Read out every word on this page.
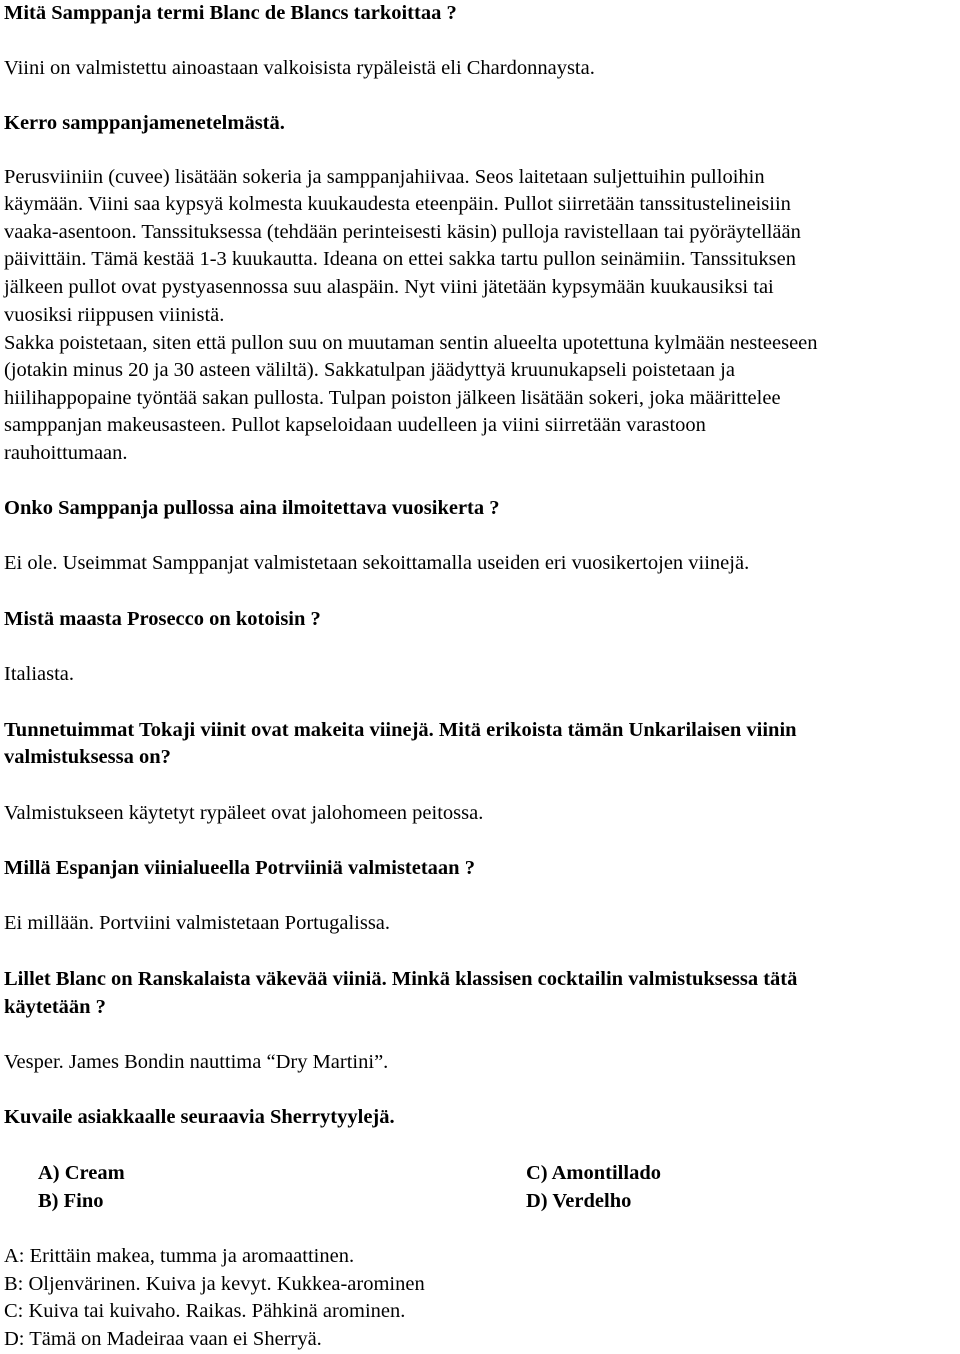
Mitä Samppanja termi Blanc de Blancs tarkoittaa ?
Viini on valmistettu ainoastaan valkoisista rypäleistä eli Chardonnaysta.
Kerro samppanjamenetelmästä.
Perusviiniin (cuvee) lisätään sokeria ja samppanjahiivaa. Seos laitetaan suljettuihin pulloihin
käymään. Viini saa kypsyä kolmesta kuukaudesta eteenpäin. Pullot siirretään tanssitustelineisiin
vaaka-asentoon. Tanssituksessa (tehdään perinteisesti käsin) pulloja ravistellaan tai pyöräytellään
päivittäin. Tämä kestää 1-3 kuukautta. Ideana on ettei sakka tartu pullon seinämiin. Tanssituksen
jälkeen pullot ovat pystyasennossa suu alaspäin. Nyt viini jätetään kypsymään kuukausiksi tai
vuosiksi riippusen viinistä.
Sakka poistetaan, siten että pullon suu on muutaman sentin alueelta upotettuna kylmään nesteeseen
(jotakin minus 20 ja 30 asteen väliltä). Sakkatulpan jäädyttyä kruunukapseli poistetaan ja
hiilihappopaine työntää sakan pullosta. Tulpan poiston jälkeen lisätään sokeri, joka määrittelee
samppanjan makeusasteen. Pullot kapseloidaan uudelleen ja viini siirretään varastoon
rauhoittumaan.
Onko Samppanja pullossa aina ilmoitettava vuosikerta ?
Ei ole. Useimmat Samppanjat valmistetaan sekoittamalla useiden eri vuosikertojen viinejä.
Mistä maasta Prosecco on kotoisin ?
Italiasta.
Tunnetuimmat Tokaji viinit ovat makeita viinejä. Mitä erikoista tämän Unkarilaisen viinin
valmistuksessa on?
Valmistukseen käytetyt rypäleet ovat jalohomeen peitossa.
Millä Espanjan viinialueella Potrviiniä valmistetaan ?
Ei millään. Portviini valmistetaan Portugalissa.
Lillet Blanc on Ranskalaista väkevää viiniä. Minkä klassisen cocktailin valmistuksessa tätä
käytetään ?
Vesper. James Bondin nauttima “Dry Martini”.
Kuvaile asiakkaalle seuraavia Sherrytyylejä.
A) Cream	C) Amontillado
B) Fino	D) Verdelho
A: Erittäin makea, tumma ja aromaattinen.
B: Oljenvärinen. Kuiva ja kevyt. Kukkea-arominen
C: Kuiva tai kuivaho. Raikas. Pähkinä arominen.
D: Tämä on Madeiraa vaan ei Sherryä.
